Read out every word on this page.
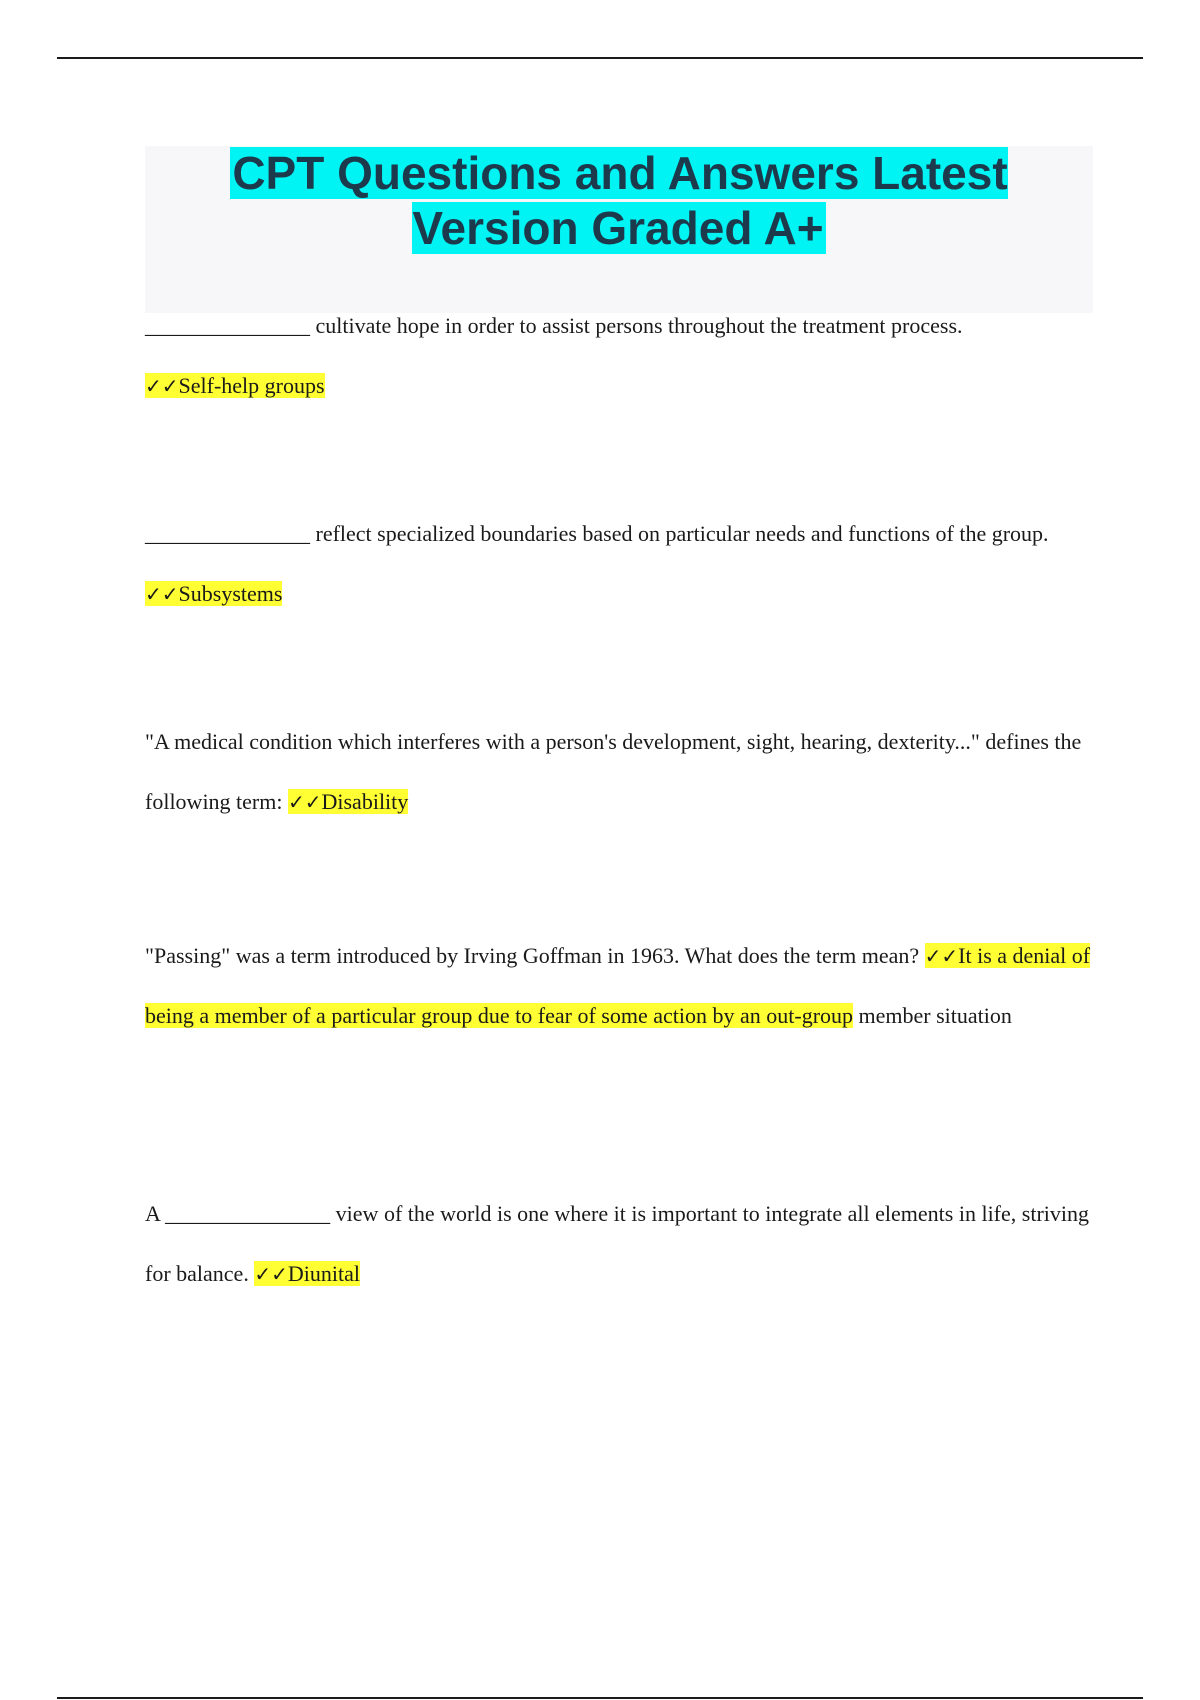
CPT Questions and Answers Latest Version Graded A+

_______________ cultivate hope in order to assist persons throughout the treatment process.
✓✓Self-help groups

_______________ reflect specialized boundaries based on particular needs and functions of the group. ✓✓Subsystems

"A medical condition which interferes with a person's development, sight, hearing, dexterity..." defines the following term: ✓✓Disability

"Passing" was a term introduced by Irving Goffman in 1963. What does the term mean? ✓✓It is a denial of being a member of a particular group due to fear of some action by an out-group member situation

A _______________ view of the world is one where it is important to integrate all elements in life, striving for balance. ✓✓Diunital
